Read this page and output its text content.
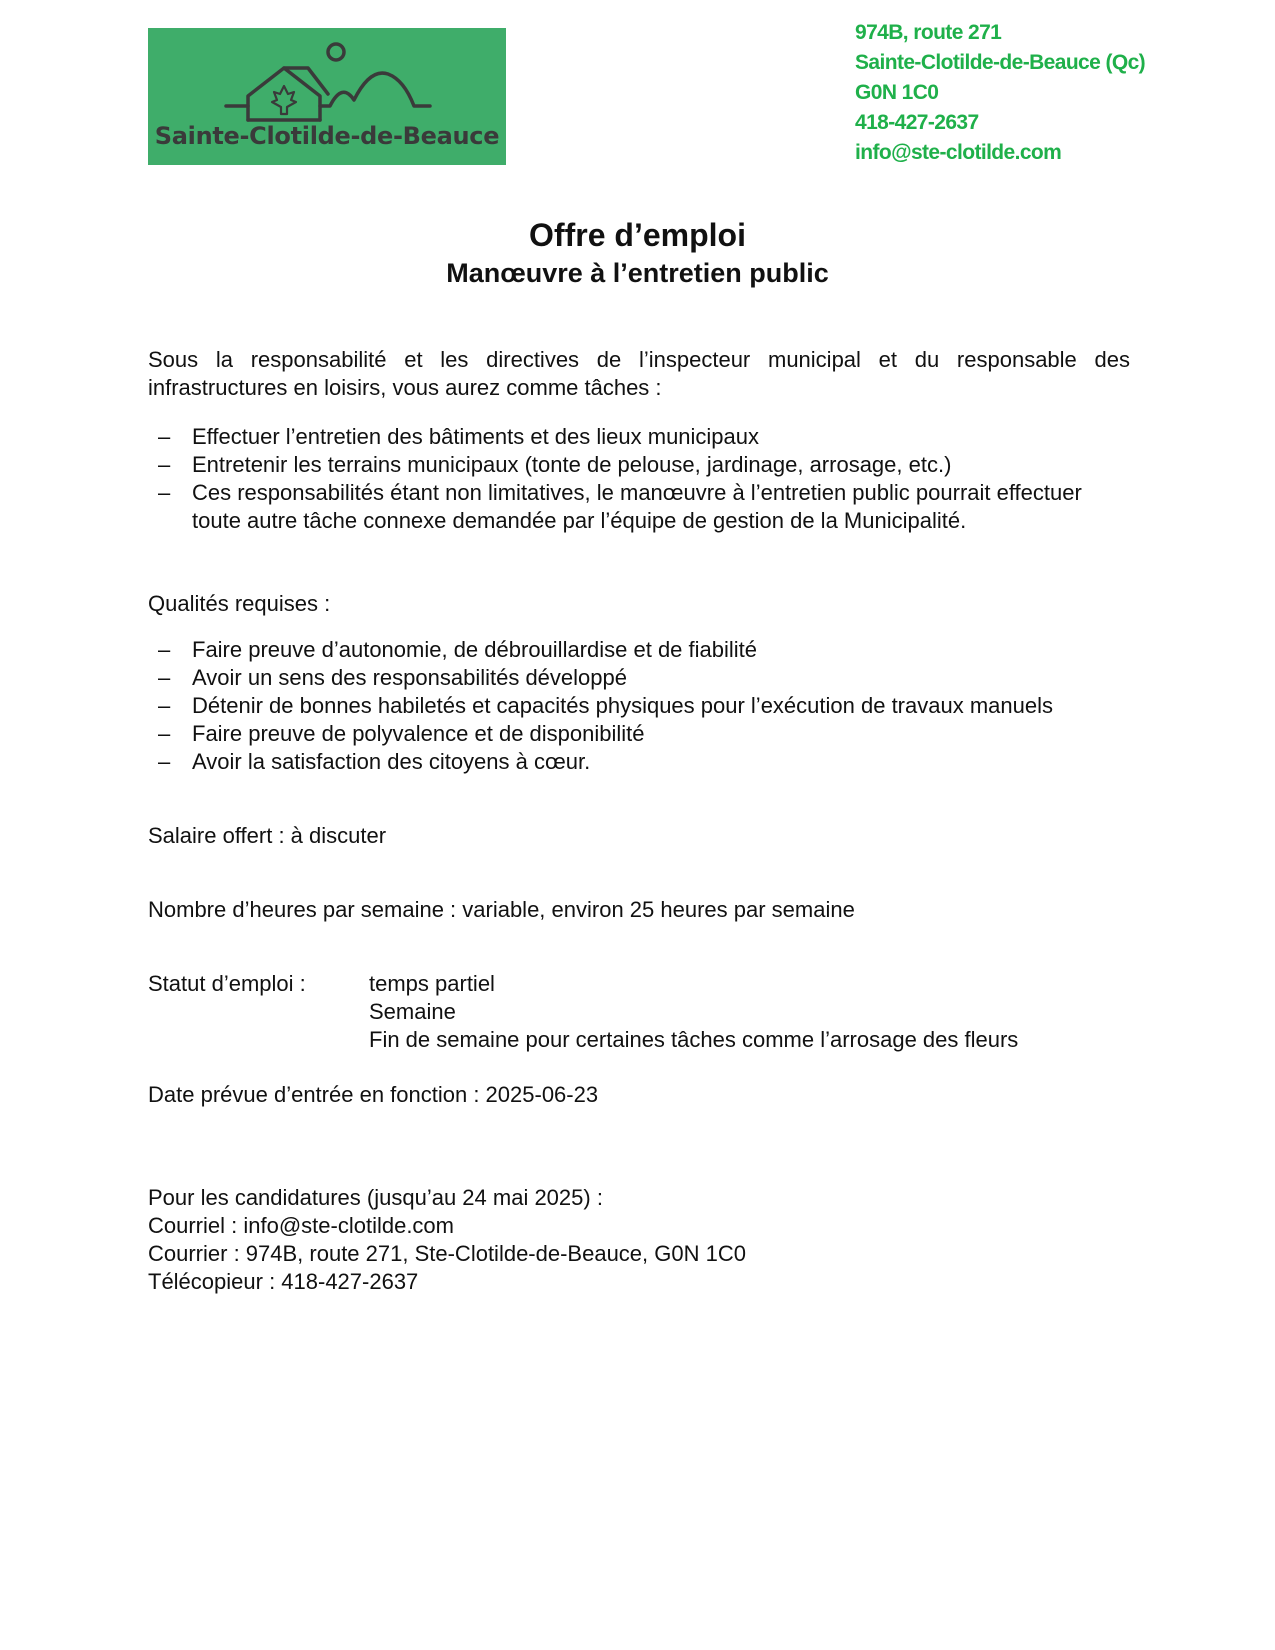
Sainte-Clotilde-de-Beauce
974B, route 271
Sainte-Clotilde-de-Beauce (Qc)
G0N 1C0
418-427-2637
info@ste-clotilde.com
Offre d’emploi
Manœuvre à l’entretien public
Sous la responsabilité et les directives de l’inspecteur municipal et du responsable des infrastructures en loisirs, vous aurez comme tâches :
– Effectuer l’entretien des bâtiments et des lieux municipaux
– Entretenir les terrains municipaux (tonte de pelouse, jardinage, arrosage, etc.)
– Ces responsabilités étant non limitatives, le manœuvre à l’entretien public pourrait effectuer toute autre tâche connexe demandée par l’équipe de gestion de la Municipalité.
Qualités requises :
– Faire preuve d’autonomie, de débrouillardise et de fiabilité
– Avoir un sens des responsabilités développé
– Détenir de bonnes habiletés et capacités physiques pour l’exécution de travaux manuels
– Faire preuve de polyvalence et de disponibilité
– Avoir la satisfaction des citoyens à cœur.
Salaire offert : à discuter
Nombre d’heures par semaine : variable, environ 25 heures par semaine
Statut d’emploi :	temps partiel
Semaine
Fin de semaine pour certaines tâches comme l’arrosage des fleurs
Date prévue d’entrée en fonction : 2025-06-23
Pour les candidatures (jusqu’au 24 mai 2025) :
Courriel : info@ste-clotilde.com
Courrier : 974B, route 271, Ste-Clotilde-de-Beauce, G0N 1C0
Télécopieur : 418-427-2637
